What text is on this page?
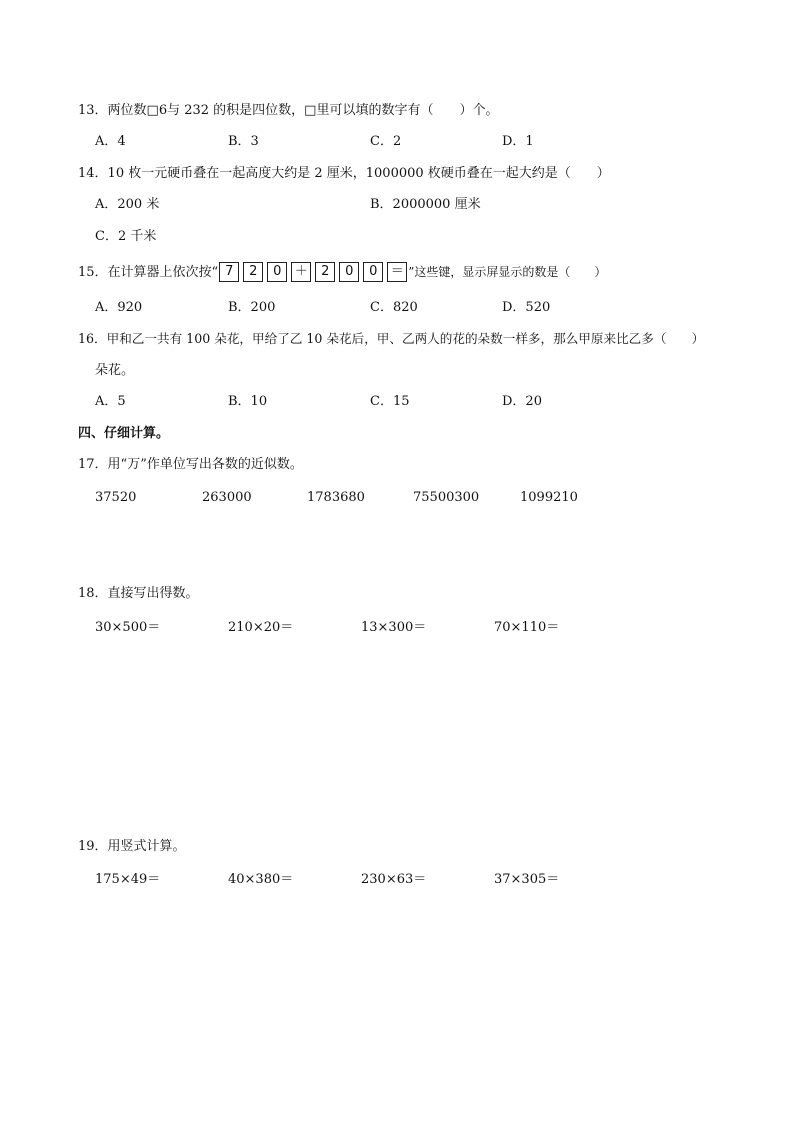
13．两位数□6与 232 的积是四位数，□里可以填的数字有（　　）个。
A．4	B．3	C．2	D．1
14．10 枚一元硬币叠在一起高度大约是 2 厘米，1000000 枚硬币叠在一起大约是（　　）
A．200 米	B．2000000 厘米
C．2 千米
15．在计算器上依次按“ 7 2 0 ＋ 2 0 0 ＝ ”这些键，显示屏显示的数是（　　）
A．920	B．200	C．820	D．520
16．甲和乙一共有 100 朵花，甲给了乙 10 朵花后，甲、乙两人的花的朵数一样多，那么甲原来比乙多（　　）
朵花。
A．5	B．10	C．15	D．20
四、仔细计算。
17．用“万”作单位写出各数的近似数。
37520	263000	1783680	75500300	1099210
18．直接写出得数。
30×500＝	210×20＝	13×300＝	70×110＝
19．用竖式计算。
175×49＝	40×380＝	230×63＝	37×305＝
